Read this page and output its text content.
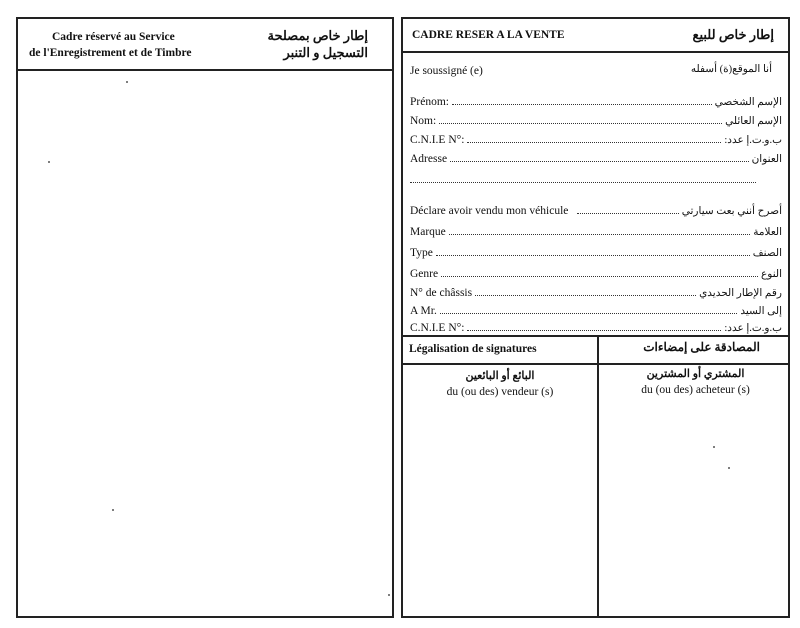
Cadre réservé au Service
de l'Enregistrement et de Timbre
إطار خاص بمصلحة
التسجيل و التنبر
CADRE RESER A LA VENTE	إطار خاص للبيع
Je soussigné (e)	أنا الموقع(ة) أسفله
Prénom:	الإسم الشخصي
Nom:	الإسم العائلي
C.N.I.E N°:	ب.و.ت.إ عدد:
Adresse	العنوان
Déclare avoir vendu mon véhicule	أصرح أنني بعت سيارتي
Marque	العلامة
Type	الصنف
Genre	النوع
N° de châssis	رقم الإطار الحديدي
A Mr.	إلى السيد
C.N.I.E N°:	ب.و.ت.إ عدد:
Légalisation de signatures	المصادقة على إمضاءات
البائع أو البائعين
du (ou des) vendeur (s)
المشتري أو المشترين
du (ou des) acheteur (s)
